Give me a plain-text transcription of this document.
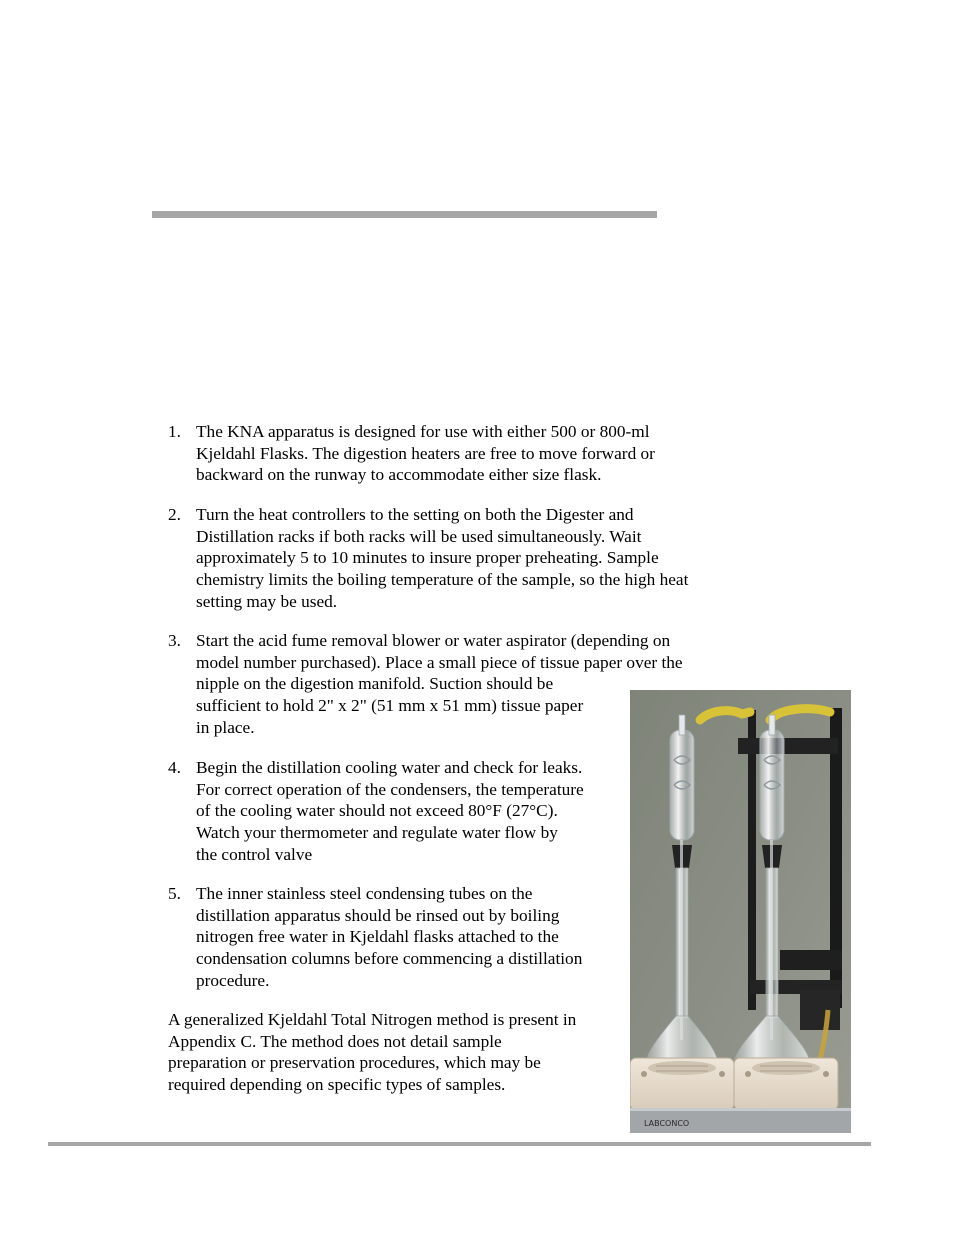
1. The KNA apparatus is designed for use with either 500 or 800-ml
Kjeldahl Flasks. The digestion heaters are free to move forward or
backward on the runway to accommodate either size flask.
2. Turn the heat controllers to the setting on both the Digester and
Distillation racks if both racks will be used simultaneously. Wait
approximately 5 to 10 minutes to insure proper preheating. Sample
chemistry limits the boiling temperature of the sample, so the high heat
setting may be used.
3. Start the acid fume removal blower or water aspirator (depending on
model number purchased). Place a small piece of tissue paper over the
nipple on the digestion manifold. Suction should be
sufficient to hold 2" x 2" (51 mm x 51 mm) tissue paper
in place.
4. Begin the distillation cooling water and check for leaks.
For correct operation of the condensers, the temperature
of the cooling water should not exceed 80°F (27°C).
Watch your thermometer and regulate water flow by
the control valve
5. The inner stainless steel condensing tubes on the
distillation apparatus should be rinsed out by boiling
nitrogen free water in Kjeldahl flasks attached to the
condensation columns before commencing a distillation
procedure.
A generalized Kjeldahl Total Nitrogen method is present in
Appendix C. The method does not detail sample
preparation or preservation procedures, which may be
required depending on specific types of samples.
LABCONCO
